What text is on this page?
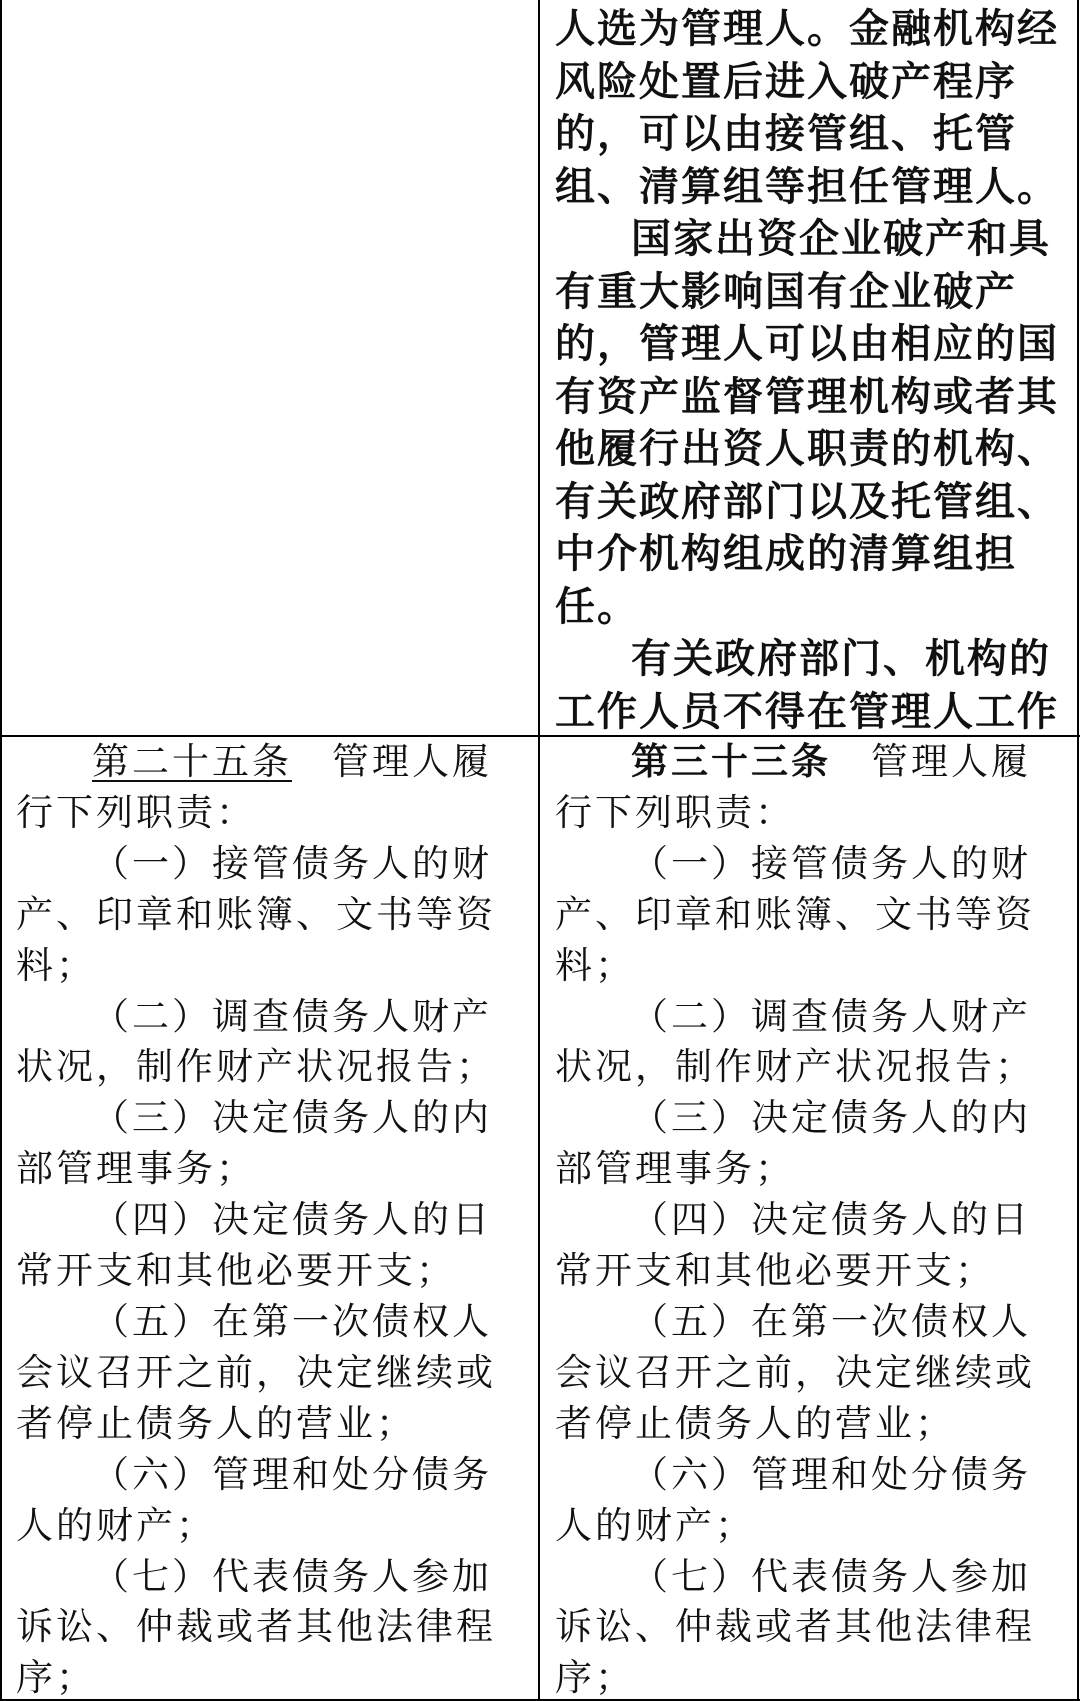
人选为管理人。金融机构经风险处置后进入破产程序的，可以由接管组、托管组、清算组等担任管理人。

国家出资企业破产和具有重大影响国有企业破产的，管理人可以由相应的国有资产监督管理机构或者其他履行出资人职责的机构、有关政府部门以及托管组、中介机构组成的清算组担任。

有关政府部门、机构的工作人员不得在管理人工作

第二十五条　管理人履行下列职责：

（一）接管债务人的财产、印章和账簿、文书等资料；

（二）调查债务人财产状况，制作财产状况报告；

（三）决定债务人的内部管理事务；

（四）决定债务人的日常开支和其他必要开支；

（五）在第一次债权人会议召开之前，决定继续或者停止债务人的营业；

（六）管理和处分债务人的财产；

（七）代表债务人参加诉讼、仲裁或者其他法律程序；

第三十三条　管理人履行下列职责：

（一）接管债务人的财产、印章和账簿、文书等资料；

（二）调查债务人财产状况，制作财产状况报告；

（三）决定债务人的内部管理事务；

（四）决定债务人的日常开支和其他必要开支；

（五）在第一次债权人会议召开之前，决定继续或者停止债务人的营业；

（六）管理和处分债务人的财产；

（七）代表债务人参加诉讼、仲裁或者其他法律程序；
